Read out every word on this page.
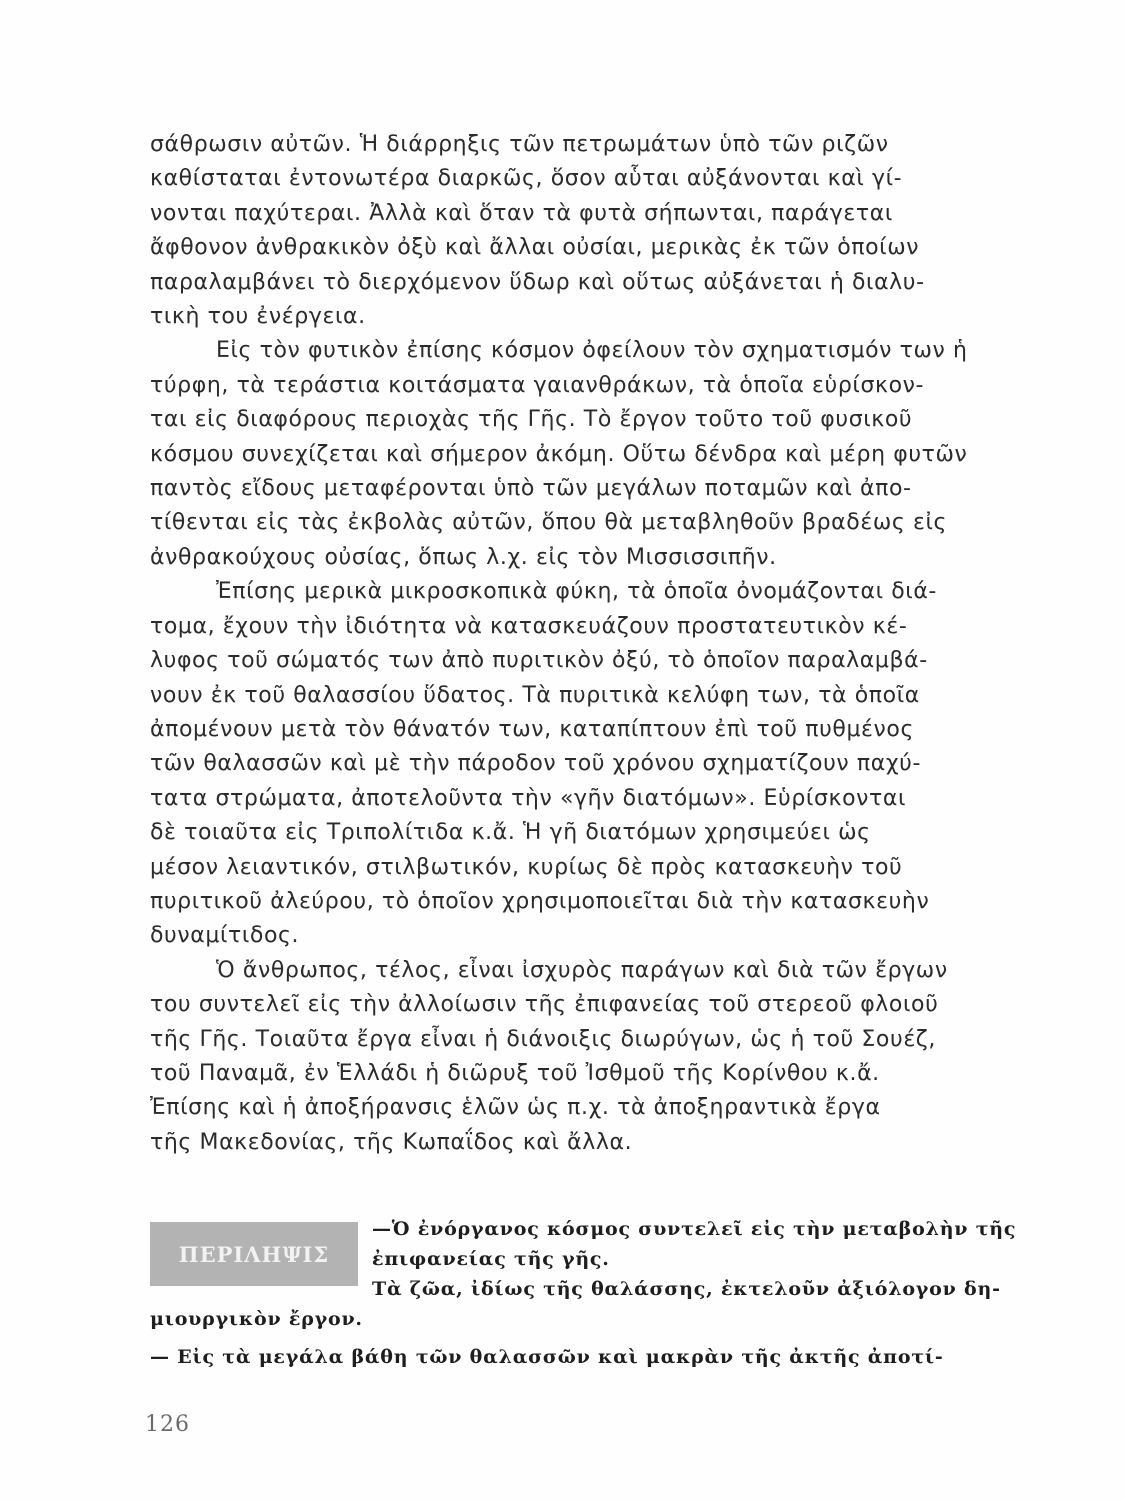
σάθρωσιν αὐτῶν. Ἡ διάρρηξις τῶν πετρωμάτων ὑπὸ τῶν ριζῶν
καθίσταται ἐντονωτέρα διαρκῶς, ὅσον αὗται αὐξάνονται καὶ γί-
νονται παχύτεραι. Ἀλλὰ καὶ ὅταν τὰ φυτὰ σήπωνται, παράγεται
ἄφθονον ἀνθρακικὸν ὀξὺ καὶ ἄλλαι οὐσίαι, μερικὰς ἐκ τῶν ὁποίων
παραλαμβάνει τὸ διερχόμενον ὕδωρ καὶ οὕτως αὐξάνεται ἡ διαλυ-
τικὴ του ἐνέργεια.
Εἰς τὸν φυτικὸν ἐπίσης κόσμον ὀφείλουν τὸν σχηματισμόν των ἡ
τύρφη, τὰ τεράστια κοιτάσματα γαιανθράκων, τὰ ὁποῖα εὑρίσκον-
ται εἰς διαφόρους περιοχὰς τῆς Γῆς. Τὸ ἔργον τοῦτο τοῦ φυσικοῦ
κόσμου συνεχίζεται καὶ σήμερον ἀκόμη. Οὕτω δένδρα καὶ μέρη φυτῶν
παντὸς εἴδους μεταφέρονται ὑπὸ τῶν μεγάλων ποταμῶν καὶ ἀπο-
τίθενται εἰς τὰς ἐκβολὰς αὐτῶν, ὅπου θὰ μεταβληθοῦν βραδέως εἰς
ἀνθρακούχους οὐσίας, ὅπως λ.χ. εἰς τὸν Μισσισσιπῆν.
Ἐπίσης μερικὰ μικροσκοπικὰ φύκη, τὰ ὁποῖα ὀνομάζονται διά-
τομα, ἔχουν τὴν ἰδιότητα νὰ κατασκευάζουν προστατευτικὸν κέ-
λυφος τοῦ σώματός των ἀπὸ πυριτικὸν ὀξύ, τὸ ὁποῖον παραλαμβά-
νουν ἐκ τοῦ θαλασσίου ὕδατος. Τὰ πυριτικὰ κελύφη των, τὰ ὁποῖα
ἀπομένουν μετὰ τὸν θάνατόν των, καταπίπτουν ἐπὶ τοῦ πυθμένος
τῶν θαλασσῶν καὶ μὲ τὴν πάροδον τοῦ χρόνου σχηματίζουν παχύ-
τατα στρώματα, ἀποτελοῦντα τὴν «γῆν διατόμων». Εὑρίσκονται
δὲ τοιαῦτα εἰς Τριπολίτιδα κ.ἄ. Ἡ γῆ διατόμων χρησιμεύει ὡς
μέσον λειαντικόν, στιλβωτικόν, κυρίως δὲ πρὸς κατασκευὴν τοῦ
πυριτικοῦ ἀλεύρου, τὸ ὁποῖον χρησιμοποιεῖται διὰ τὴν κατασκευὴν
δυναμίτιδος.
Ὁ ἄνθρωπος, τέλος, εἶναι ἰσχυρὸς παράγων καὶ διὰ τῶν ἔργων
του συντελεῖ εἰς τὴν ἀλλοίωσιν τῆς ἐπιφανείας τοῦ στερεοῦ φλοιοῦ
τῆς Γῆς. Τοιαῦτα ἔργα εἶναι ἡ διάνοιξις διωρύγων, ὡς ἡ τοῦ Σουέζ,
τοῦ Παναμᾶ, ἐν Ἑλλάδι ἡ διῶρυξ τοῦ Ἰσθμοῦ τῆς Κορίνθου κ.ἄ.
Ἐπίσης καὶ ἡ ἀποξήρανσις ἑλῶν ὡς π.χ. τὰ ἀποξηραντικὰ ἔργα
τῆς Μακεδονίας, τῆς Κωπαΐδος καὶ ἄλλα.
ΠΕΡΙΛΗΨΙΣ
—Ὁ ἐνόργανος κόσμος συντελεῖ εἰς τὴν μεταβολὴν τῆς
ἐπιφανείας τῆς γῆς.
Τὰ ζῶα, ἰδίως τῆς θαλάσσης, ἐκτελοῦν ἀξιόλογον δη-
μιουργικὸν ἔργον.
— Εἰς τὰ μεγάλα βάθη τῶν θαλασσῶν καὶ μακρὰν τῆς ἀκτῆς ἀποτί-
126
